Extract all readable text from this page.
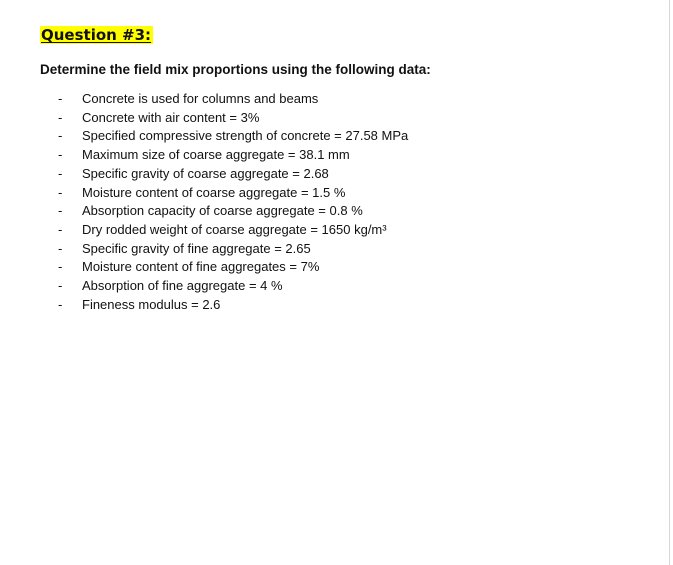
Question #3:

Determine the field mix proportions using the following data:

- Concrete is used for columns and beams
- Concrete with air content = 3%
- Specified compressive strength of concrete = 27.58 MPa
- Maximum size of coarse aggregate = 38.1 mm
- Specific gravity of coarse aggregate = 2.68
- Moisture content of coarse aggregate = 1.5 %
- Absorption capacity of coarse aggregate = 0.8 %
- Dry rodded weight of coarse aggregate = 1650 kg/m³
- Specific gravity of fine aggregate = 2.65
- Moisture content of fine aggregates = 7%
- Absorption of fine aggregate = 4 %
- Fineness modulus = 2.6
